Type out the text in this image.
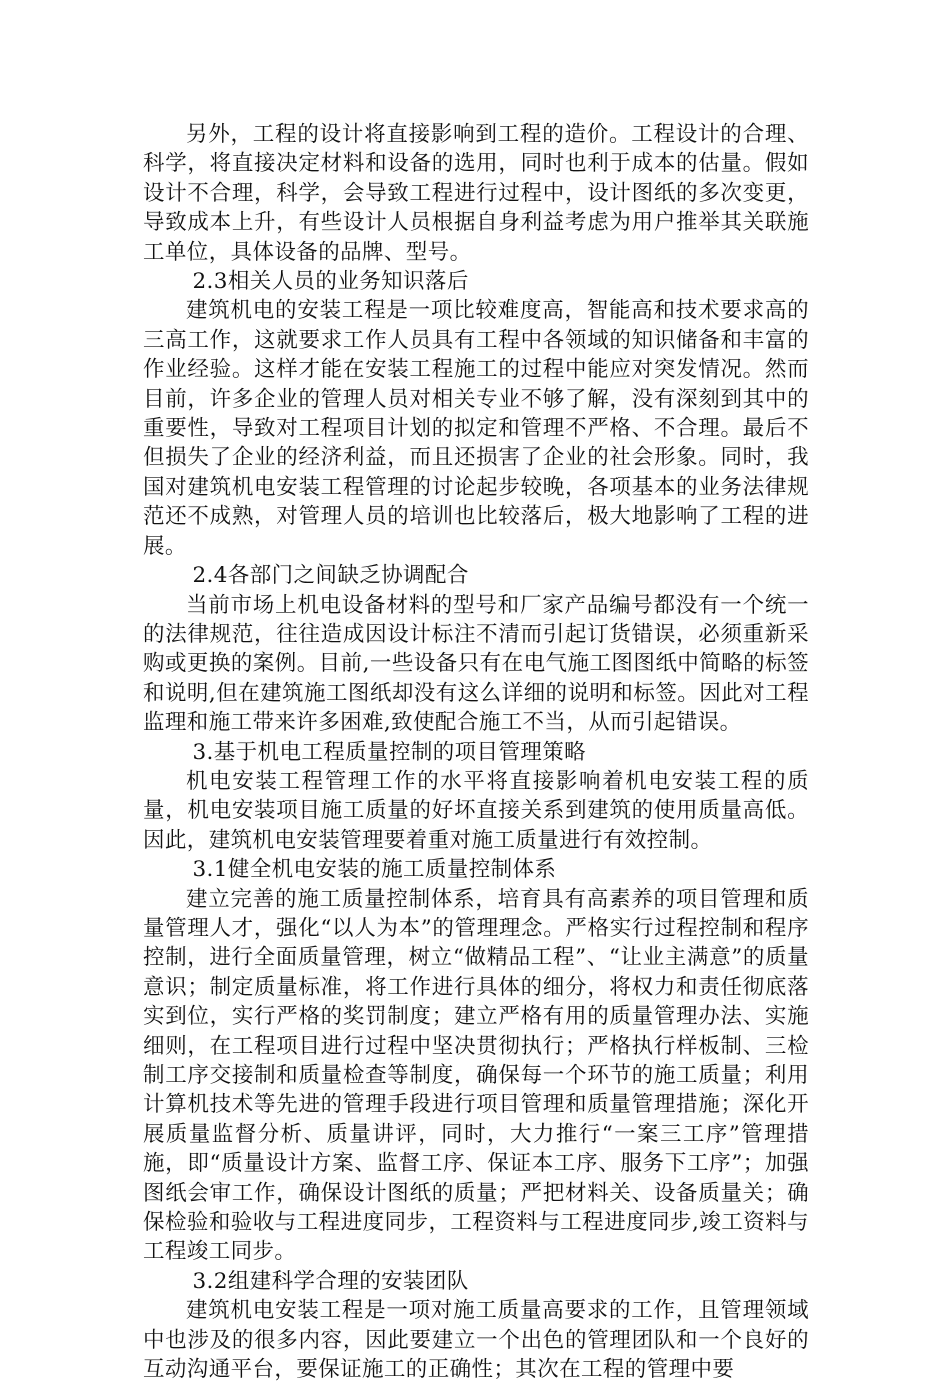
另外，工程的设计将直接影响到工程的造价。工程设计的合理、科学，将直接决定材料和设备的选用，同时也利于成本的估量。假如设计不合理，科学，会导致工程进行过程中，设计图纸的多次变更，导致成本上升，有些设计人员根据自身利益考虑为用户推举其关联施工单位，具体设备的品牌、型号。

2.3相关人员的业务知识落后

建筑机电的安装工程是一项比较难度高，智能高和技术要求高的三高工作，这就要求工作人员具有工程中各领域的知识储备和丰富的作业经验。这样才能在安装工程施工的过程中能应对突发情况。然而目前，许多企业的管理人员对相关专业不够了解，没有深刻到其中的重要性，导致对工程项目计划的拟定和管理不严格、不合理。最后不但损失了企业的经济利益，而且还损害了企业的社会形象。同时，我国对建筑机电安装工程管理的讨论起步较晚，各项基本的业务法律规范还不成熟，对管理人员的培训也比较落后，极大地影响了工程的进展。

2.4各部门之间缺乏协调配合

当前市场上机电设备材料的型号和厂家产品编号都没有一个统一的法律规范，往往造成因设计标注不清而引起订货错误，必须重新采购或更换的案例。目前,一些设备只有在电气施工图图纸中简略的标签和说明,但在建筑施工图纸却没有这么详细的说明和标签。因此对工程监理和施工带来许多困难,致使配合施工不当，从而引起错误。

3.基于机电工程质量控制的项目管理策略

机电安装工程管理工作的水平将直接影响着机电安装工程的质量，机电安装项目施工质量的好坏直接关系到建筑的使用质量高低。因此，建筑机电安装管理要着重对施工质量进行有效控制。

3.1健全机电安装的施工质量控制体系

建立完善的施工质量控制体系，培育具有高素养的项目管理和质量管理人才，强化“以人为本”的管理理念。严格实行过程控制和程序控制，进行全面质量管理，树立“做精品工程”、“让业主满意”的质量意识；制定质量标准，将工作进行具体的细分，将权力和责任彻底落实到位，实行严格的奖罚制度；建立严格有用的质量管理办法、实施细则，在工程项目进行过程中坚决贯彻执行；严格执行样板制、三检制工序交接制和质量检查等制度，确保每一个环节的施工质量；利用计算机技术等先进的管理手段进行项目管理和质量管理措施；深化开展质量监督分析、质量讲评，同时，大力推行“一案三工序”管理措施，即“质量设计方案、监督工序、保证本工序、服务下工序”；加强图纸会审工作，确保设计图纸的质量；严把材料关、设备质量关；确保检验和验收与工程进度同步，工程资料与工程进度同步,竣工资料与工程竣工同步。

3.2组建科学合理的安装团队

建筑机电安装工程是一项对施工质量高要求的工作，且管理领域中也涉及的很多内容，因此要建立一个出色的管理团队和一个良好的互动沟通平台，要保证施工的正确性；其次在工程的管理中要
